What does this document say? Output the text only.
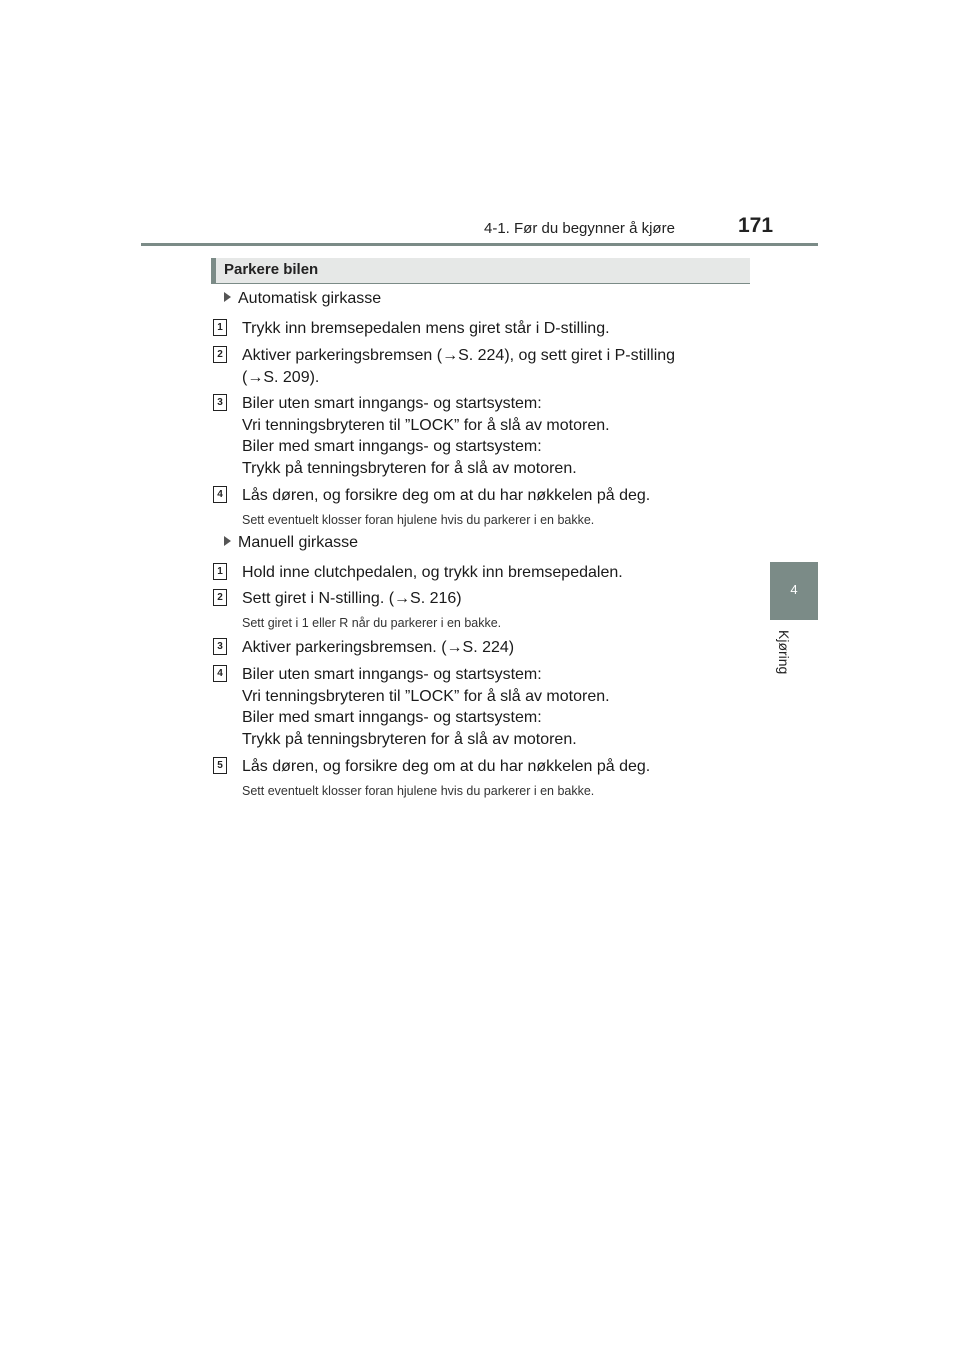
4-1. Før du begynner å kjøre	171
4
Kjøring
Parkere bilen
Automatisk girkasse
1 Trykk inn bremsepedalen mens giret står i D-stilling.
2 Aktiver parkeringsbremsen (→S. 224), og sett giret i P-stilling
(→S. 209).
3 Biler uten smart inngangs- og startsystem:
Vri tenningsbryteren til ”LOCK” for å slå av motoren.
Biler med smart inngangs- og startsystem:
Trykk på tenningsbryteren for å slå av motoren.
4 Lås døren, og forsikre deg om at du har nøkkelen på deg.
Sett eventuelt klosser foran hjulene hvis du parkerer i en bakke.
Manuell girkasse
1 Hold inne clutchpedalen, og trykk inn bremsepedalen.
2 Sett giret i N-stilling. (→S. 216)
Sett giret i 1 eller R når du parkerer i en bakke.
3 Aktiver parkeringsbremsen. (→S. 224)
4 Biler uten smart inngangs- og startsystem:
Vri tenningsbryteren til ”LOCK” for å slå av motoren.
Biler med smart inngangs- og startsystem:
Trykk på tenningsbryteren for å slå av motoren.
5 Lås døren, og forsikre deg om at du har nøkkelen på deg.
Sett eventuelt klosser foran hjulene hvis du parkerer i en bakke.
